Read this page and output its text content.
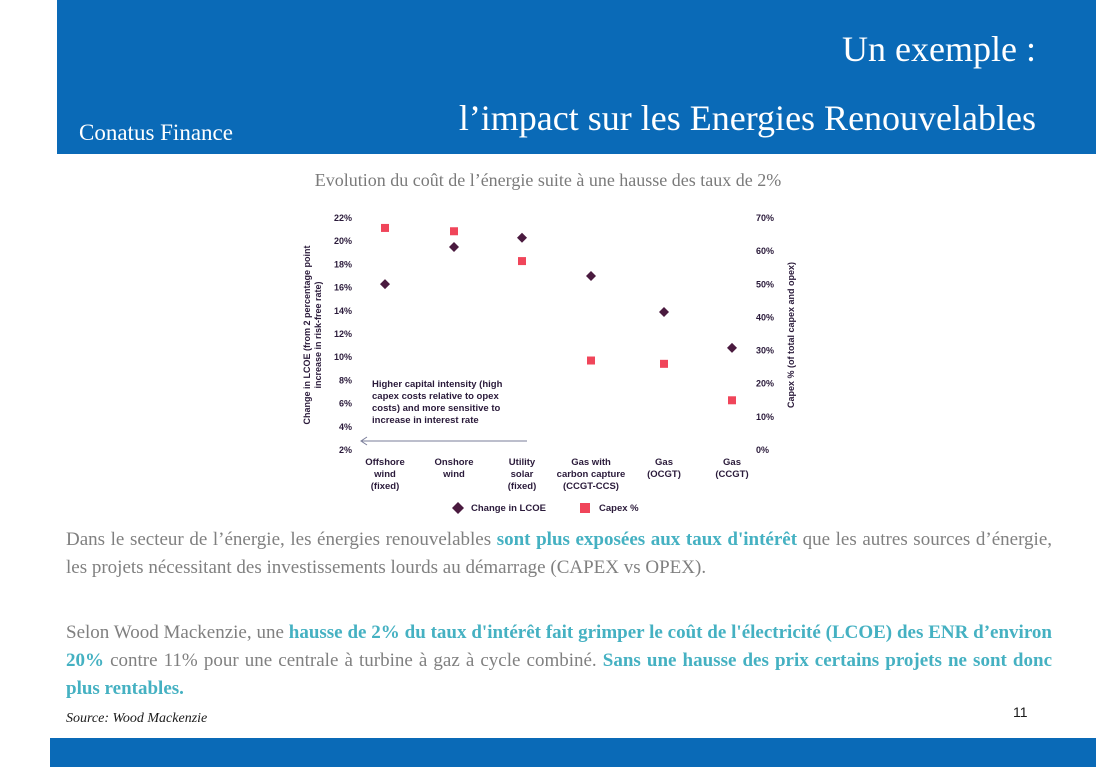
Un exemple :
l’impact sur les Energies Renouvelables
Conatus Finance
Evolution du coût de l’énergie suite à une hausse des taux de 2%
2%
4%
6%
8%
10%
12%
14%
16%
18%
20%
22%
0%
10%
20%
30%
40%
50%
60%
70%
Change in LCOE (from 2 percentage point increase in risk-free rate)	Capex % (of total capex and opex)
Higher capital intensity (high
capex costs relative to opex
costs) and more sensitive to
increase in interest rate
Offshore
wind
(fixed)
Onshore
wind
Utility
solar
(fixed)
Gas with
carbon capture
(CCGT-CCS)
Gas
(OCGT)
Gas
(CCGT)
Change in LCOE	Capex %
Dans le secteur de l’énergie, les énergies renouvelables sont plus exposées aux taux d'intérêt que les autres sources d’énergie, les projets nécessitant des investissements lourds au démarrage (CAPEX vs OPEX).
Selon Wood Mackenzie, une hausse de 2% du taux d'intérêt fait grimper le coût de l'électricité (LCOE) des ENR d’environ 20% contre 11% pour une centrale à turbine à gaz à cycle combiné. Sans une hausse des prix certains projets ne sont donc plus rentables.
Source: Wood Mackenzie	11
